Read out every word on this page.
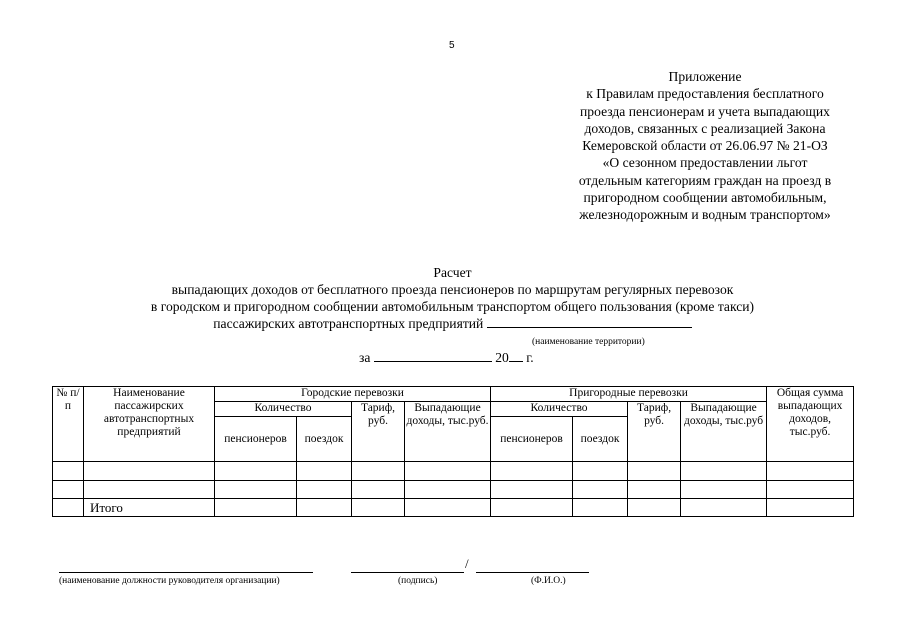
5
Приложение
к Правилам предоставления бесплатного
проезда пенсионерам и учета выпадающих
доходов, связанных с реализацией Закона
Кемеровской области от 26.06.97 № 21-ОЗ
«О сезонном предоставлении льгот
отдельным категориям граждан на проезд в
пригородном сообщении автомобильным,
железнодорожным и водным транспортом»
Расчет
выпадающих доходов от бесплатного проезда пенсионеров по маршрутам регулярных перевозок
в городском и пригородном сообщении автомобильным транспортом общего пользования (кроме такси)
пассажирских автотранспортных предприятий
(наименование территории)
за	20 г.
№ п/п	Наименование пассажирских автотранспортных предприятий	Городские перевозки				Пригородные перевозки				Общая сумма выпадающих доходов, тыс.руб.
		Количество		Тариф, руб.	Выпадающие доходы, тыс.руб.	Количество		Тариф, руб.	Выпадающие доходы, тыс.руб	
		пенсионеров	поездок			пенсионеров	поездок			

	Итого									
(наименование должности руководителя организации)
/
(подпись)	(Ф.И.О.)
